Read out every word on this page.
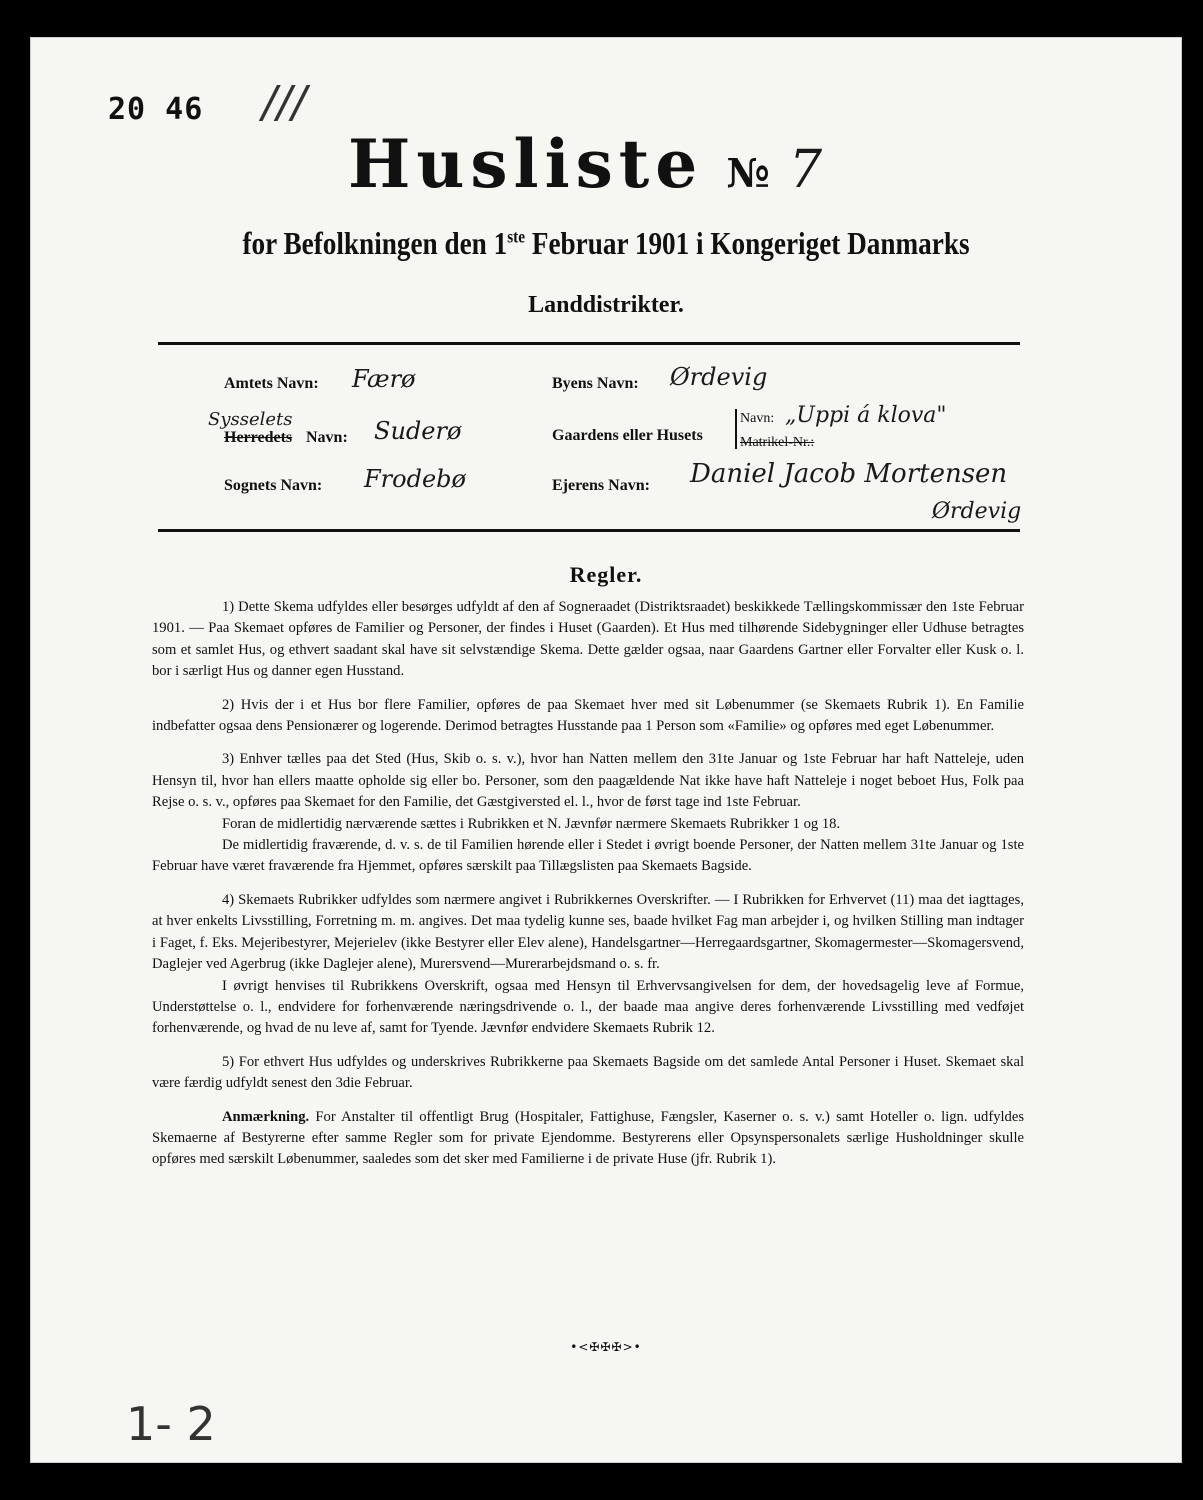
20 46 ///
Husliste № 7
for Befolkningen den 1ste Februar 1901 i Kongeriget Danmarks
Landdistrikter.
Amtets Navn: Færø
Sysselets
Herredets Navn: Suderø
Sognets Navn: Frodebø
Byens Navn: Ørdevig
Gaardens eller Husets
Navn: „Uppi á klova"
Matrikel-Nr.:
Ejerens Navn: Daniel Jacob Mortensen
Ørdevig
Regler.

1) Dette Skema udfyldes eller besørges udfyldt af den af Sogneraadet (Distriktsraadet) beskikkede Tællingskommissær den 1ste Februar 1901. — Paa Skemaet opføres de Familier og Personer, der findes i Huset (Gaarden). Et Hus med tilhørende Sidebygninger eller Udhuse betragtes som et samlet Hus, og ethvert saadant skal have sit selvstændige Skema. Dette gælder ogsaa, naar Gaardens Gartner eller Forvalter eller Kusk o. l. bor i særligt Hus og danner egen Husstand.

2) Hvis der i et Hus bor flere Familier, opføres de paa Skemaet hver med sit Løbenummer (se Skemaets Rubrik 1). En Familie indbefatter ogsaa dens Pensionærer og logerende. Derimod betragtes Husstande paa 1 Person som «Familie» og opføres med eget Løbenummer.

3) Enhver tælles paa det Sted (Hus, Skib o. s. v.), hvor han Natten mellem den 31te Januar og 1ste Februar har haft Natteleje, uden Hensyn til, hvor han ellers maatte opholde sig eller bo. Personer, som den paagældende Nat ikke have haft Natteleje i noget beboet Hus, Folk paa Rejse o. s. v., opføres paa Skemaet for den Familie, det Gæstgiversted el. l., hvor de først tage ind 1ste Februar.

Foran de midlertidig nærværende sættes i Rubrikken et N. Jævnfør nærmere Skemaets Rubrikker 1 og 18.

De midlertidig fraværende, d. v. s. de til Familien hørende eller i Stedet i øvrigt boende Personer, der Natten mellem 31te Januar og 1ste Februar have været fraværende fra Hjemmet, opføres særskilt paa Tillægslisten paa Skemaets Bagside.

4) Skemaets Rubrikker udfyldes som nærmere angivet i Rubrikkernes Overskrifter. — I Rubrikken for Erhvervet (11) maa det iagttages, at hver enkelts Livsstilling, Forretning m. m. angives. Det maa tydelig kunne ses, baade hvilket Fag man arbejder i, og hvilken Stilling man indtager i Faget, f. Eks. Mejeribestyrer, Mejerielev (ikke Bestyrer eller Elev alene), Handelsgartner—Herregaardsgartner, Skomagermester—Skomagersvend, Daglejer ved Agerbrug (ikke Daglejer alene), Murersvend—Murerarbejdsmand o. s. fr.

I øvrigt henvises til Rubrikkens Overskrift, ogsaa med Hensyn til Erhvervsangivelsen for dem, der hovedsagelig leve af Formue, Understøttelse o. l., endvidere for forhenværende næringsdrivende o. l., der baade maa angive deres forhenværende Livsstilling med vedføjet forhenværende, og hvad de nu leve af, samt for Tyende. Jævnfør endvidere Skemaets Rubrik 12.

5) For ethvert Hus udfyldes og underskrives Rubrikkerne paa Skemaets Bagside om det samlede Antal Personer i Huset. Skemaet skal være færdig udfyldt senest den 3die Februar.

Anmærkning. For Anstalter til offentligt Brug (Hospitaler, Fattighuse, Fængsler, Kaserner o. s. v.) samt Hoteller o. lign. udfyldes Skemaerne af Bestyrerne efter samme Regler som for private Ejendomme. Bestyrerens eller Opsynspersonalets særlige Husholdninger skulle opføres med særskilt Løbenummer, saaledes som det sker med Familierne i de private Huse (jfr. Rubrik 1).

•<✠✠✠>•
1- 2
